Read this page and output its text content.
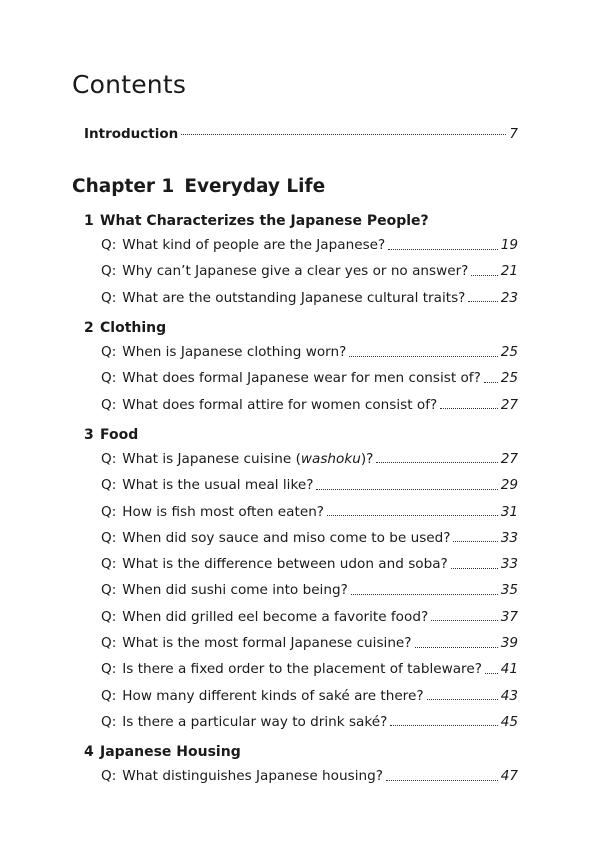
Contents
Introduction	7
Chapter 1 Everyday Life
1 What Characterizes the Japanese People?
Q: What kind of people are the Japanese?	19
Q: Why can’t Japanese give a clear yes or no answer? 21
Q: What are the outstanding Japanese cultural traits?	23
2 Clothing
Q: When is Japanese clothing worn?	25
Q: What does formal Japanese wear for men consist of? 25
Q: What does formal attire for women consist of?	27
3 Food
Q: What is Japanese cuisine (washoku)?	27
Q: What is the usual meal like?	29
Q: How is fish most often eaten?	31
Q: When did soy sauce and miso come to be used?	33
Q: What is the difference between udon and soba?	33
Q: When did sushi come into being?	35
Q: When did grilled eel become a favorite food?	37
Q: What is the most formal Japanese cuisine?	39
Q: Is there a fixed order to the placement of tableware? 41
Q: How many different kinds of saké are there?	43
Q: Is there a particular way to drink saké?	45
4 Japanese Housing
Q: What distinguishes Japanese housing?	47
